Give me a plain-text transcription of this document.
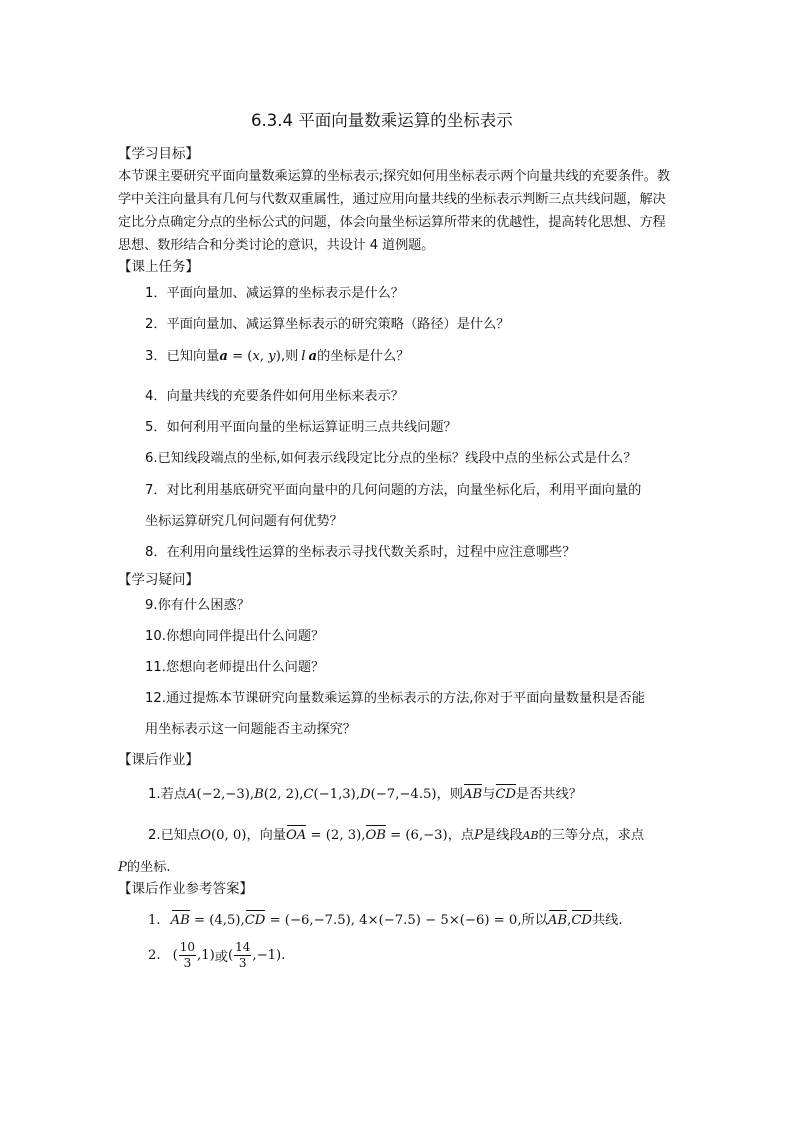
6.3.4 平面向量数乘运算的坐标表示
【学习目标】
本节课主要研究平面向量数乘运算的坐标表示;探究如何用坐标表示两个向量共线的充要条件。教学中关注向量具有几何与代数双重属性，通过应用向量共线的坐标表示判断三点共线问题，解决定比分点确定分点的坐标公式的问题，体会向量坐标运算所带来的优越性，提高转化思想、方程思想、数形结合和分类讨论的意识，共设计 4 道例题。
【课上任务】
1．平面向量加、减运算的坐标表示是什么？
2．平面向量加、减运算坐标表示的研究策略（路径）是什么？
3．已知向量a = (x, y),则 l a的坐标是什么？
4．向量共线的充要条件如何用坐标来表示？
5．如何利用平面向量的坐标运算证明三点共线问题？
6.已知线段端点的坐标,如何表示线段定比分点的坐标？线段中点的坐标公式是什么？
7．对比利用基底研究平面向量中的几何问题的方法，向量坐标化后，利用平面向量的
坐标运算研究几何问题有何优势？
8．在利用向量线性运算的坐标表示寻找代数关系时，过程中应注意哪些？
【学习疑问】
9.你有什么困惑？
10.你想向同伴提出什么问题？
11.您想向老师提出什么问题？
12.通过提炼本节课研究向量数乘运算的坐标表示的方法,你对于平面向量数量积是否能
用坐标表示这一问题能否主动探究？
【课后作业】
1.若点A(−2,−3),B(2, 2),C(−1,3),D(−7,−4.5)，则AB与CD是否共线？
2.已知点O(0, 0)，向量OA = (2, 3),OB = (6,−3)，点P是线段AB的三等分点，求点
P的坐标.
【课后作业参考答案】
1. AB = (4,5),CD = (−6,−7.5), 4×(−7.5) − 5×(−6) = 0,所以AB,CD共线.
2. ( $\frac{10}{3} ,1$) 或 ( $\frac{14}{3} ,-1$).
